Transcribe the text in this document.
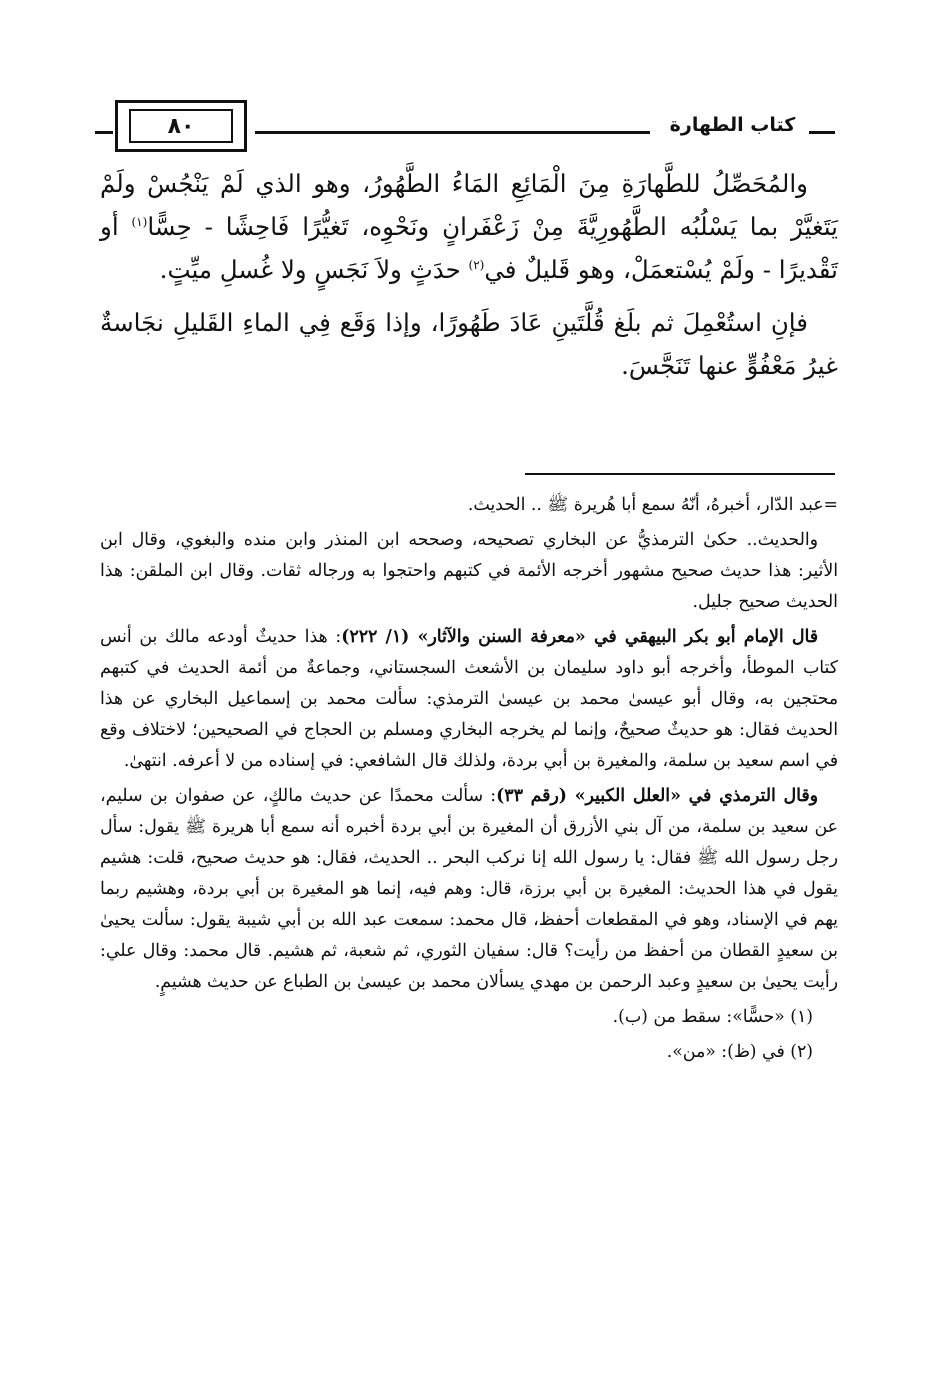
٨٠	كتاب الطهارة

والمُحَصِّلُ للطَّهارَةِ مِنَ الْمَائِعِ المَاءُ الطَّهُورُ، وهو الذي لَمْ يَنْجُسْ ولَمْ يَتَغيَّرْ بما يَسْلُبُه الطَّهُورِيَّةَ مِنْ زَعْفَرانٍ ونَحْوِه، تَغيُّرًا فَاحِشًا - حِسًّا$^{(١)}$ أو تَقْديرًا - ولَمْ يُسْتعمَلْ، وهو قَليلٌ في$^{(٢)}$ حدَثٍ ولاَ نَجَسٍ ولا غُسلِ ميِّتٍ.

فإنِ استُعْمِلَ ثم بلَغ قُلَّتَينِ عَادَ طَهُورًا، وإذا وَقَع فِي الماءِ القَليلِ نجَاسةٌ غيرُ مَعْفُوٍّ عنها تَنَجَّسَ.

=عبد الدّار، أخبرهُ، أنّهُ سمع أبا هُريرة ﷺ .. الحديث.

والحديث.. حكىٰ الترمذيُّ عن البخاري تصحيحه، وصححه ابن المنذر وابن منده والبغوي، وقال ابن الأثير: هذا حديث صحيح مشهور أخرجه الأئمة في كتبهم واحتجوا به ورجاله ثقات. وقال ابن الملقن: هذا الحديث صحيح جليل.

قال الإمام أبو بكر البيهقي في «معرفة السنن والآثار» (١/ ٢٢٢): هذا حديثٌ أودعه مالك بن أنس كتاب الموطأ، وأخرجه أبو داود سليمان بن الأشعث السجستاني، وجماعةٌ من أئمة الحديث في كتبهم محتجين به، وقال أبو عيسىٰ محمد بن عيسىٰ الترمذي: سألت محمد بن إسماعيل البخاري عن هذا الحديث فقال: هو حديثٌ صحيحٌ، وإنما لم يخرجه البخاري ومسلم بن الحجاج في الصحيحين؛ لاختلاف وقع في اسم سعيد بن سلمة، والمغيرة بن أبي بردة، ولذلك قال الشافعي: في إسناده من لا أعرفه. انتهىٰ.

وقال الترمذي في «العلل الكبير» (رقم ٣٣): سألت محمدًا عن حديث مالكٍ، عن صفوان بن سليم، عن سعيد بن سلمة، من آل بني الأزرق أن المغيرة بن أبي بردة أخبره أنه سمع أبا هريرة ﷺ يقول: سأل رجل رسول الله ﷺ فقال: يا رسول الله إنا نركب البحر .. الحديث، فقال: هو حديث صحيح، قلت: هشيم يقول في هذا الحديث: المغيرة بن أبي برزة، قال: وهم فيه، إنما هو المغيرة بن أبي بردة، وهشيم ربما يهم في الإسناد، وهو في المقطعات أحفظ، قال محمد: سمعت عبد الله بن أبي شيبة يقول: سألت يحيىٰ بن سعيدٍ القطان من أحفظ من رأيت؟ قال: سفيان الثوري، ثم شعبة، ثم هشيم. قال محمد: وقال علي: رأيت يحيىٰ بن سعيدٍ وعبد الرحمن بن مهدي يسألان محمد بن عيسىٰ بن الطباع عن حديث هشيمٍ.

(١) «حسًّا»: سقط من (ب).

(٢) في (ظ): «من».
